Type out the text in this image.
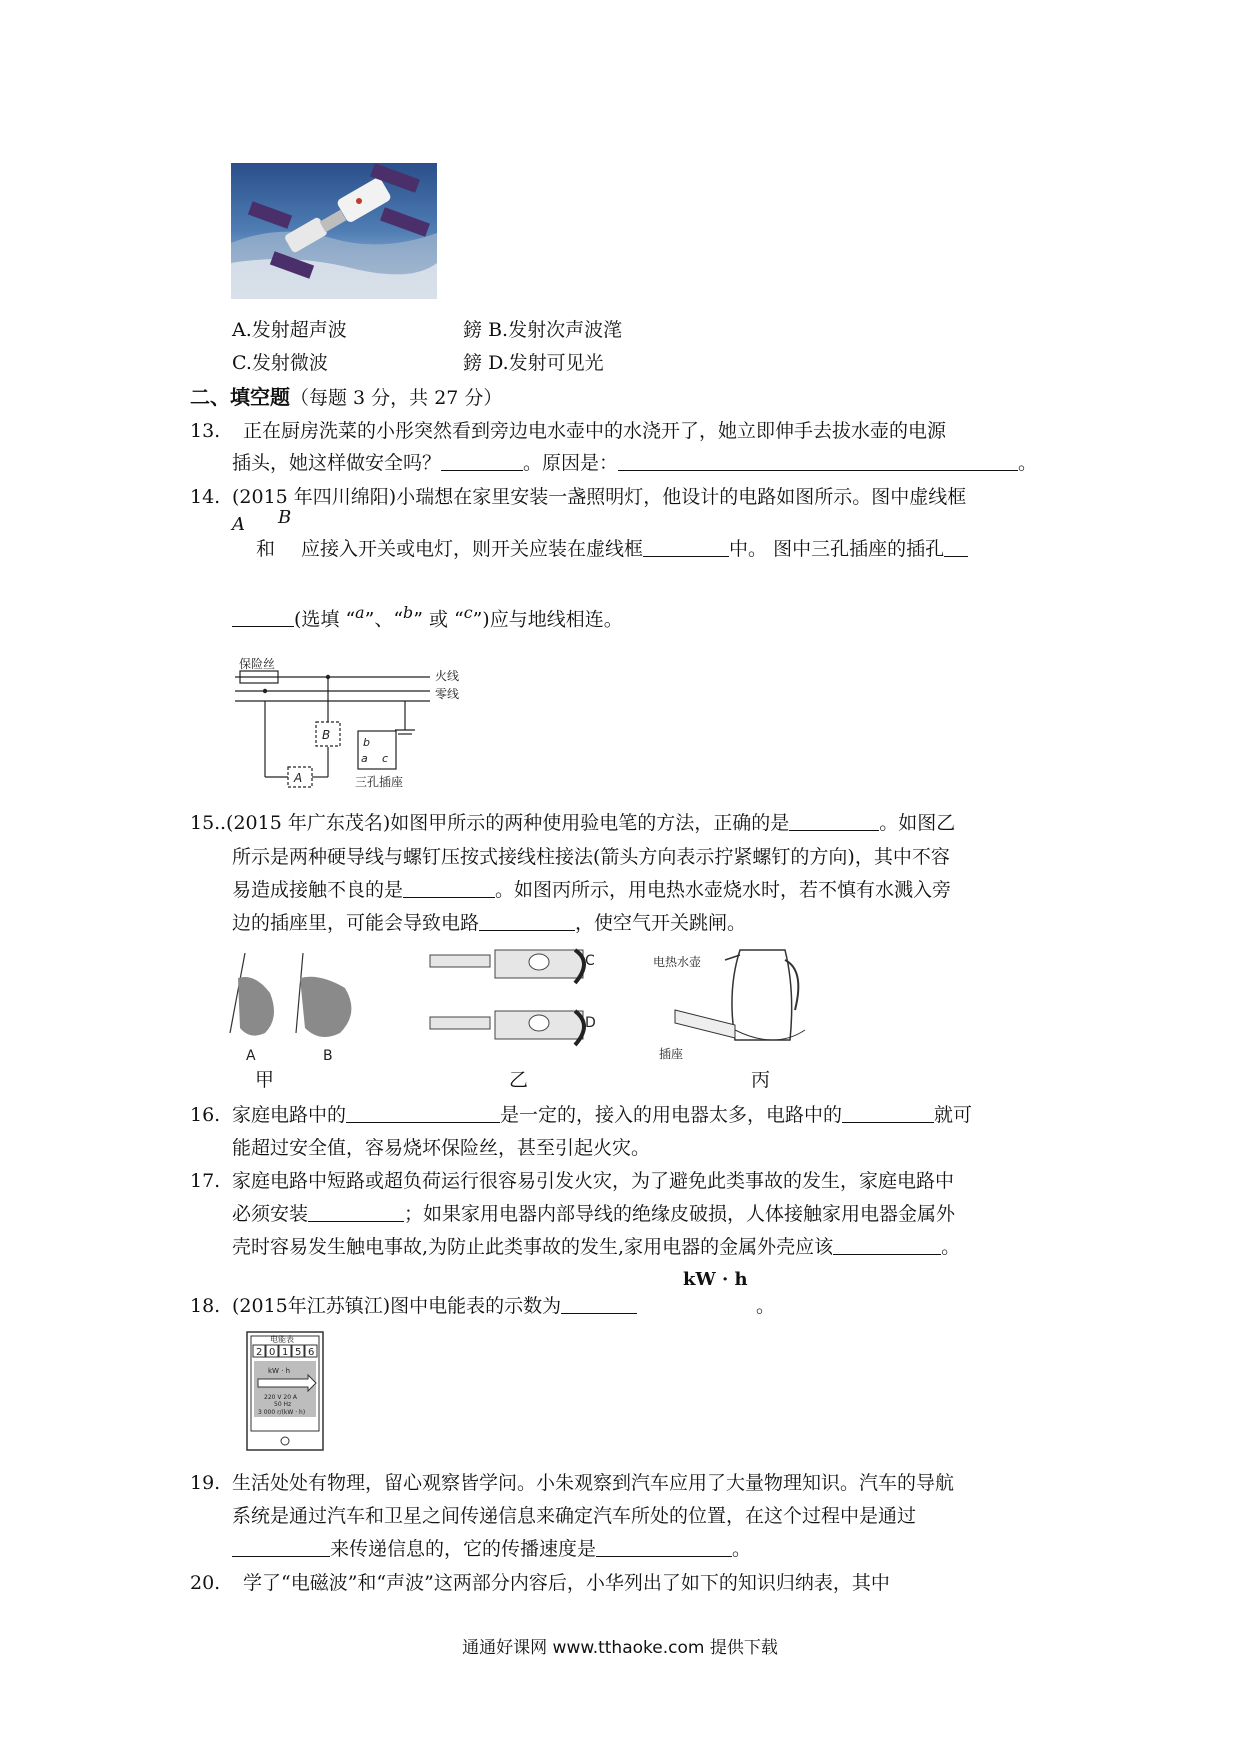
A.发射超声波	鎊 B.发射次声波滗
C.发射微波	鎊 D.发射可见光
二、填空题（每题 3 分，共 27 分）
13. 正在厨房洗菜的小彤突然看到旁边电水壶中的水浇开了，她立即伸手去拔水壶的电源
插头，她这样做安全吗？	。原因是：	。
14. (2015 年四川绵阳)小瑞想在家里安装一盏照明灯，他设计的电路如图所示。图中虚线框
A B
和 应接入开关或电灯，则开关应装在虚线框	中。 图中三孔插座的插孔
(选填 “$^a$”、“$^b$” 或 “$^c$”)应与地线相连。
保险丝
火线
零线
B
A
b
a c
三孔插座
15. .(2015 年广东茂名)如图甲所示的两种使用验电笔的方法，正确的是	。如图乙
所示是两种硬导线与螺钉压按式接线柱接法(箭头方向表示拧紧螺钉的方向)，其中不容
易造成接触不良的是	。如图丙所示，用电热水壶烧水时，若不慎有水溅入旁
边的插座里，可能会导致电路	，使空气开关跳闸。
A	B
C
D
电热水壶
插座
甲	乙	丙
16. 家庭电路中的	是一定的，接入的用电器太多，电路中的	就可
能超过安全值，容易烧坏保险丝，甚至引起火灾。
17. 家庭电路中短路或超负荷运行很容易引发火灾，为了避免此类事故的发生，家庭电路中
必须安装	；如果家用电器内部导线的绝缘皮破损，人体接触家用电器金属外
壳时容易发生触电事故,为防止此类事故的发生,家用电器的金属外壳应该	。
18. (2015年江苏镇江)图中电能表的示数为
kW · h
。
2 0 1 5 6
电能表
kW · h
220 V 20 A
50 Hz
3 000 r/(kW · h)
19. 生活处处有物理，留心观察皆学问。小朱观察到汽车应用了大量物理知识。汽车的导航
系统是通过汽车和卫星之间传递信息来确定汽车所处的位置，在这个过程中是通过
来传递信息的，它的传播速度是	。
20. 学了“电磁波”和“声波”这两部分内容后，小华列出了如下的知识归纳表，其中
通通好课网 www.tthaoke.com 提供下载
